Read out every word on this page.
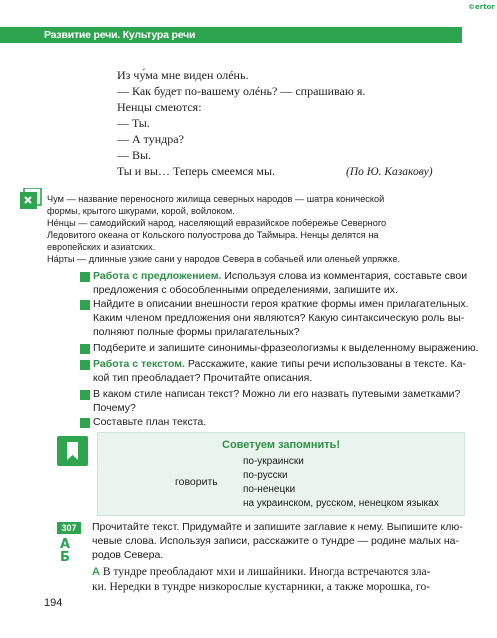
©ertor
Развитие речи. Культура речи
Из чу́ма мне виден олéнь.
— Как будет по-вашему олéнь? — спрашиваю я.
Ненцы смеются:
— Ты.
— А тундра?
— Вы.
Ты и вы… Теперь смеемся мы.	(По Ю. Казакову)
Чум — название переносного жилища северных народов — шатра конической
формы, крытого шкурами, корой, войлоком.
Не́нцы — самодийский народ, населяющий евразийское побережье Северного
Ледовитого океана от Кольского полуострова до Таймыра. Ненцы делятся на
европейских и азиатских.
На́рты — длинные узкие сани у народов Севера в собачьей или оленьей упряжке.
Работа с предложением. Используя слова из комментария, составьте свои
предложения с обособленными определениями, запишите их.
Найдите в описании внешности героя краткие формы имен прилагательных.
Каким членом предложения они являются? Какую синтаксическую роль вы-
полняют полные формы прилагательных?
Подберите и запишите синонимы-фразеологизмы к выделенному выражению.
Работа с текстом. Расскажите, какие типы речи использованы в тексте. Ка-
кой тип преобладает? Прочитайте описания.
В каком стиле написан текст? Можно ли его назвать путевыми заметками?
Почему?
Составьте план текста.
Советуем запомнить!
говорить
по-украински
по-русски
по-ненецки
на украинском, русском, ненецком языках
307
А
Б
Прочитайте текст. Придумайте и запишите заглавие к нему. Выпишите клю-
чевые слова. Используя записи, расскажите о тундре — родине малых на-
родов Севера.
А В тундре преобладают мхи и лишайники. Иногда встречаются зла-
ки. Нередки в тундре низкорослые кустарники, а также морошка, го-
194
